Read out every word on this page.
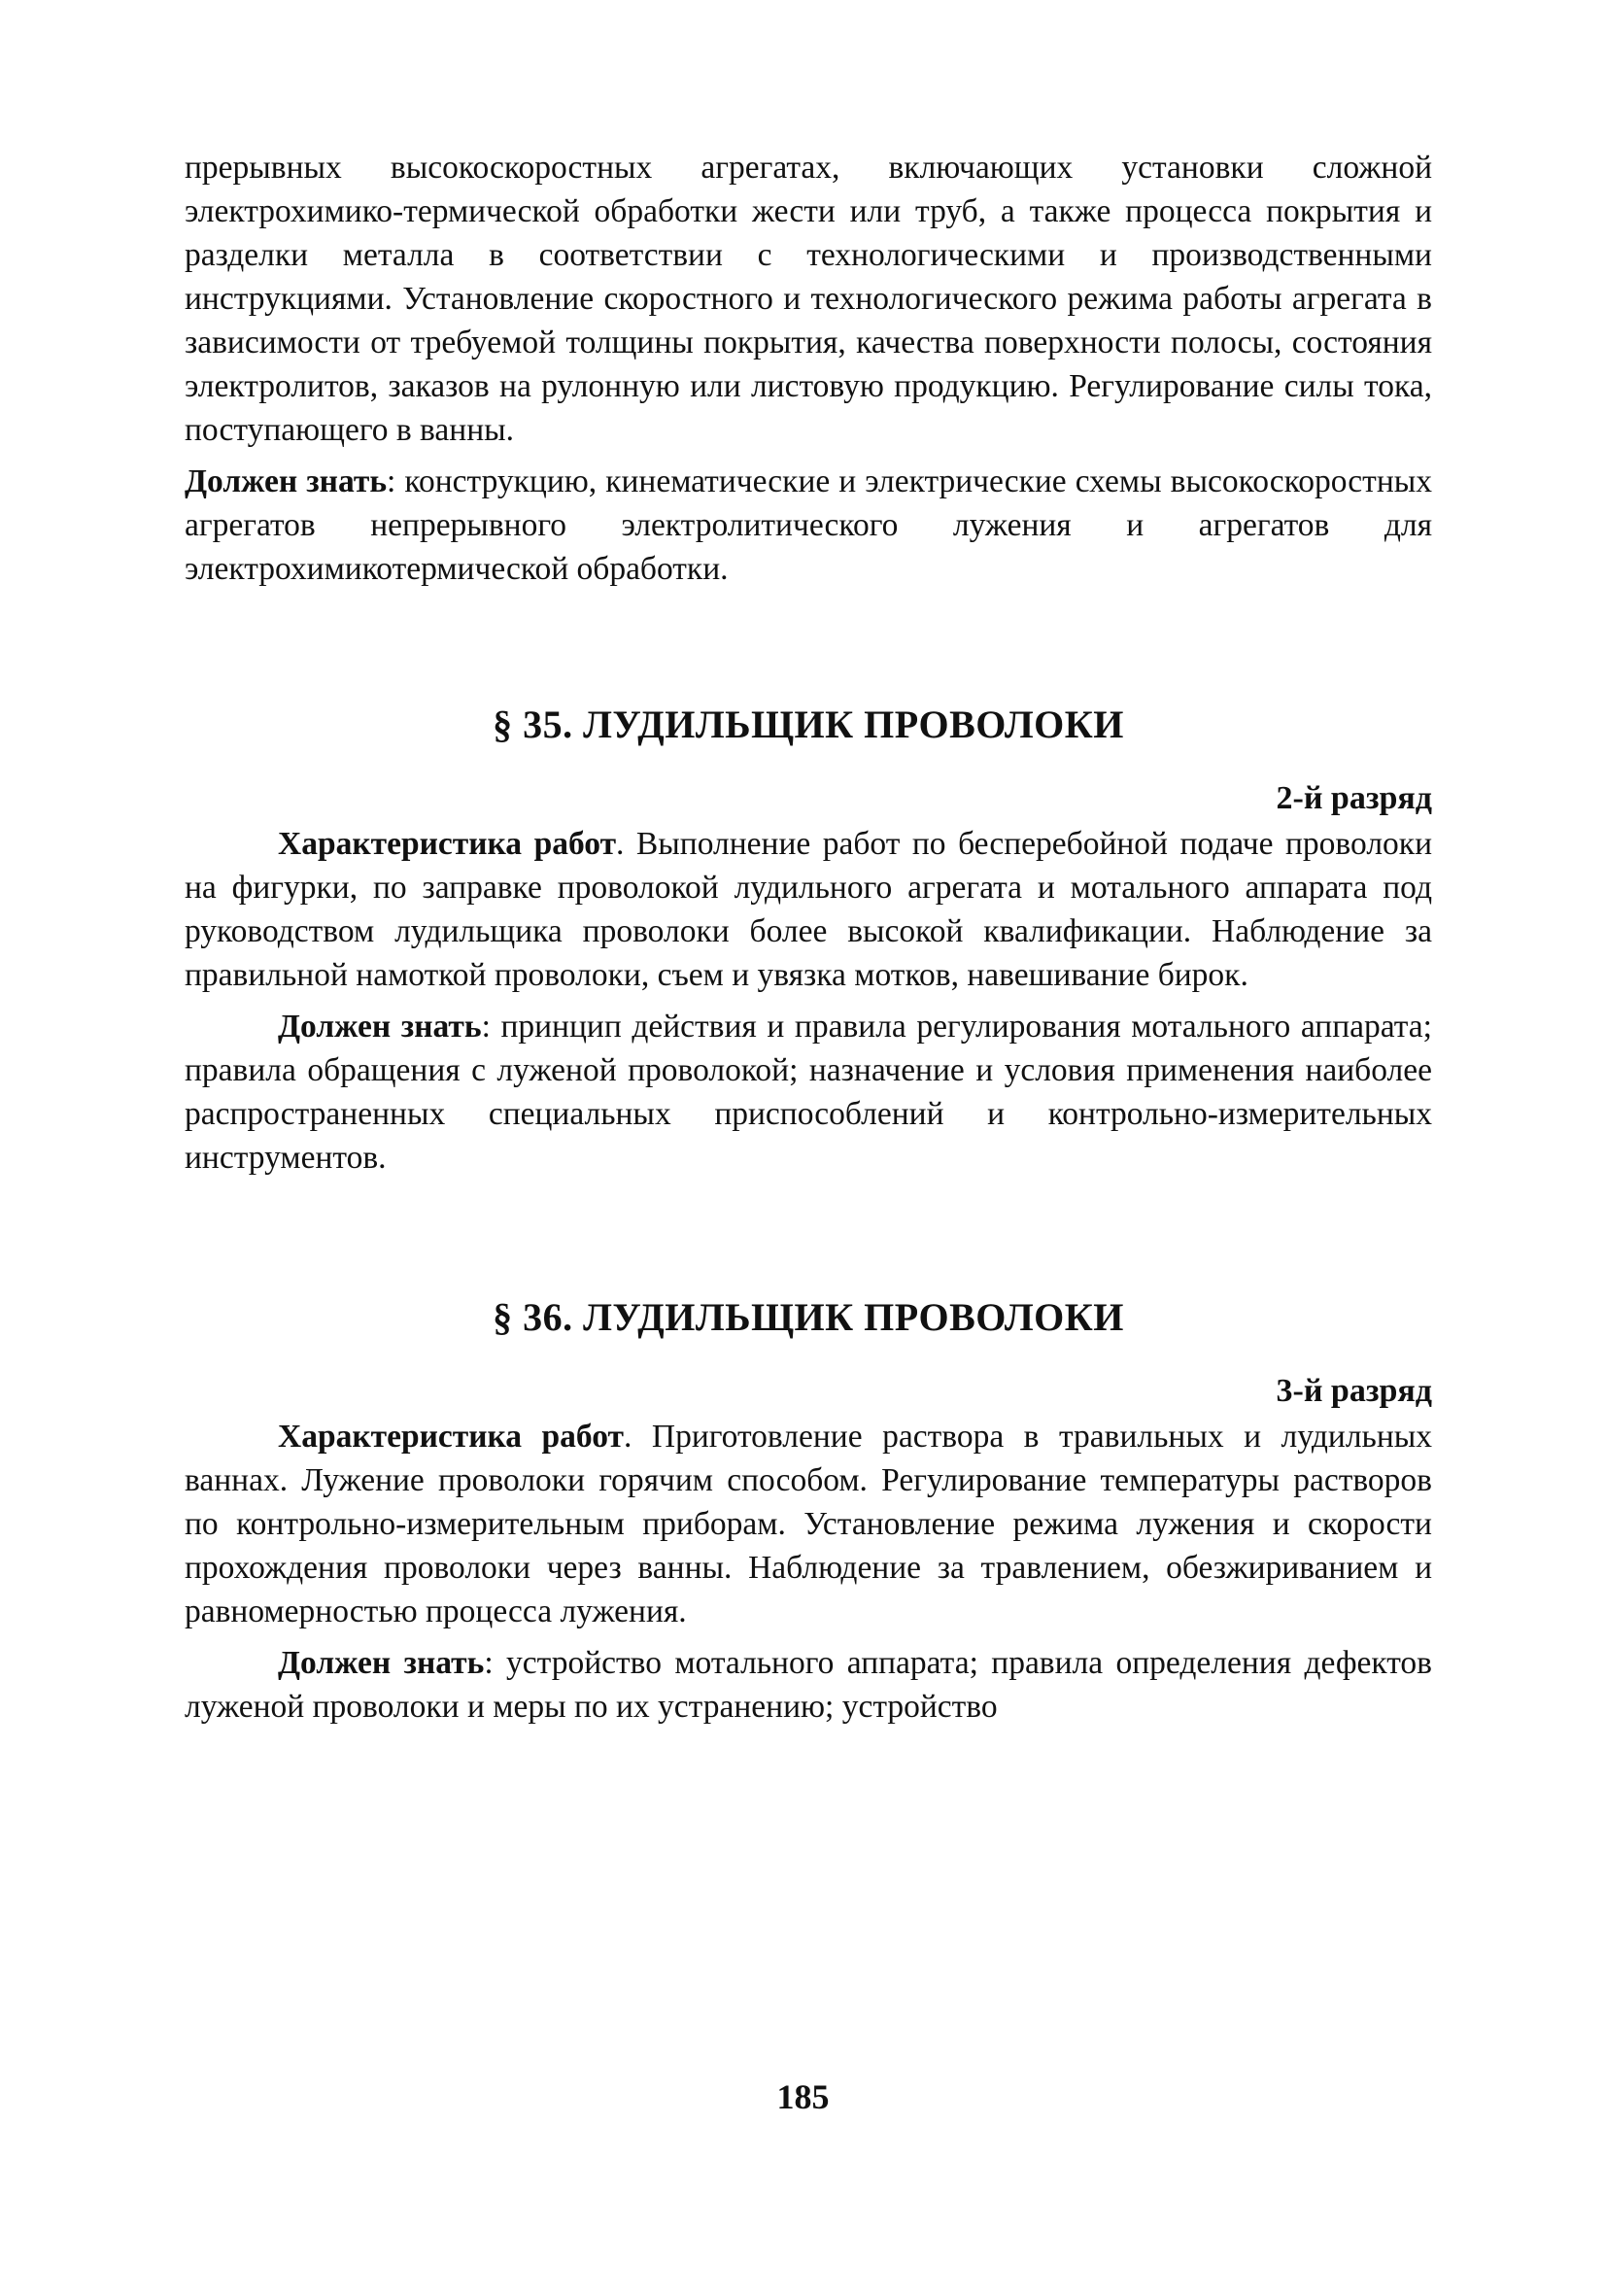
прерывных высокоскоростных агрегатах, включающих установки сложной электрохимико-термической обработки жести или труб, а также процесса покрытия и разделки металла в соответствии с технологическими и производственными инструкциями. Установление скоростного и технологического режима работы агрегата в зависимости от требуемой толщины покрытия, качества поверхности полосы, состояния электролитов, заказов на рулонную или листовую продукцию. Регулирование силы тока, поступающего в ванны.

Должен знать: конструкцию, кинематические и электрические схемы высокоскоростных агрегатов непрерывного электролитического лужения и агрегатов для электрохимикотермической обработки.

§ 35. ЛУДИЛЬЩИК ПРОВОЛОКИ

2-й разряд

Характеристика работ. Выполнение работ по бесперебойной подаче проволоки на фигурки, по заправке проволокой лудильного агрегата и мотального аппарата под руководством лудильщика проволоки более высокой квалификации. Наблюдение за правильной намоткой проволоки, съем и увязка мотков, навешивание бирок.

Должен знать: принцип действия и правила регулирования мотального аппарата; правила обращения с луженой проволокой; назначение и условия применения наиболее распространенных специальных приспособлений и контрольно-измерительных инструментов.

§ 36. ЛУДИЛЬЩИК ПРОВОЛОКИ

3-й разряд

Характеристика работ. Приготовление раствора в травильных и лудильных ваннах. Лужение проволоки горячим способом. Регулирование температуры растворов по контрольно-измерительным приборам. Установление режима лужения и скорости прохождения проволоки через ванны. Наблюдение за травлением, обезжириванием и равномерностью процесса лужения.

Должен знать: устройство мотального аппарата; правила определения дефектов луженой проволоки и меры по их устранению; устройство

185
